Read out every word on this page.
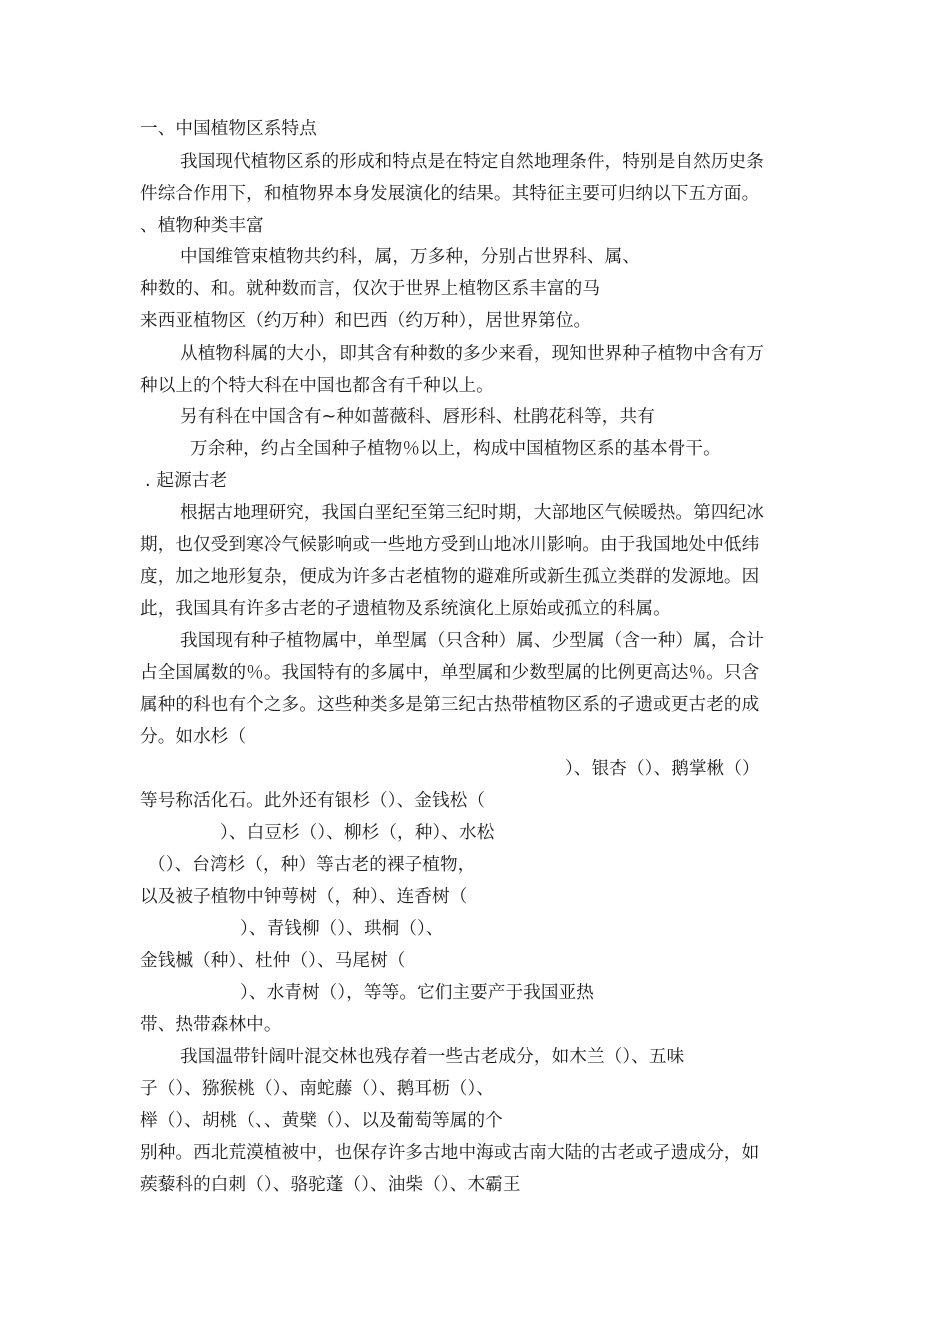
一、中国植物区系特点
我国现代植物区系的形成和特点是在特定自然地理条件，特别是自然历史条
件综合作用下，和植物界本身发展演化的结果。其特征主要可归纳以下五方面。
、植物种类丰富
中国维管束植物共约科，属，万多种，分别占世界科、属、
种数的、和。就种数而言，仅次于世界上植物区系丰富的马
来西亚植物区（约万种）和巴西（约万种），居世界第位。
从植物科属的大小，即其含有种数的多少来看，现知世界种子植物中含有万
种以上的个特大科在中国也都含有千种以上。
另有科在中国含有~种如蔷薇科、唇形科、杜鹃花科等，共有
万余种，约占全国种子植物％以上，构成中国植物区系的基本骨干。
. 起源古老
根据古地理研究，我国白垩纪至第三纪时期，大部地区气候暖热。第四纪冰
期，也仅受到寒冷气候影响或一些地方受到山地冰川影响。由于我国地处中低纬
度，加之地形复杂，便成为许多古老植物的避难所或新生孤立类群的发源地。因
此，我国具有许多古老的孑遗植物及系统演化上原始或孤立的科属。
我国现有种子植物属中，单型属（只含种）属、少型属（含一种）属，合计
占全国属数的％。我国特有的多属中，单型属和少数型属的比例更高达％。只含
属种的科也有个之多。这些种类多是第三纪古热带植物区系的孑遗或更古老的成
分。如水杉（
）、银杏（）、鹅掌楸（）
等号称活化石。此外还有银杉（）、金钱松（
）、白豆杉（）、柳杉（，种）、水松
（）、台湾杉（，种）等古老的裸子植物，
以及被子植物中钟萼树（，种）、连香树（
）、青钱柳（）、珙桐（）、
金钱槭（种）、杜仲（）、马尾树（
）、水青树（），等等。它们主要产于我国亚热
带、热带森林中。
我国温带针阔叶混交林也残存着一些古老成分，如木兰（）、五味
子（）、猕猴桃（）、南蛇藤（）、鹅耳枥（）、
榉（）、胡桃（、、黄檗（）、以及葡萄等属的个
别种。西北荒漠植被中，也保存许多古地中海或古南大陆的古老或孑遗成分，如
蒺藜科的白刺（）、骆驼蓬（）、油柴（）、木霸王
